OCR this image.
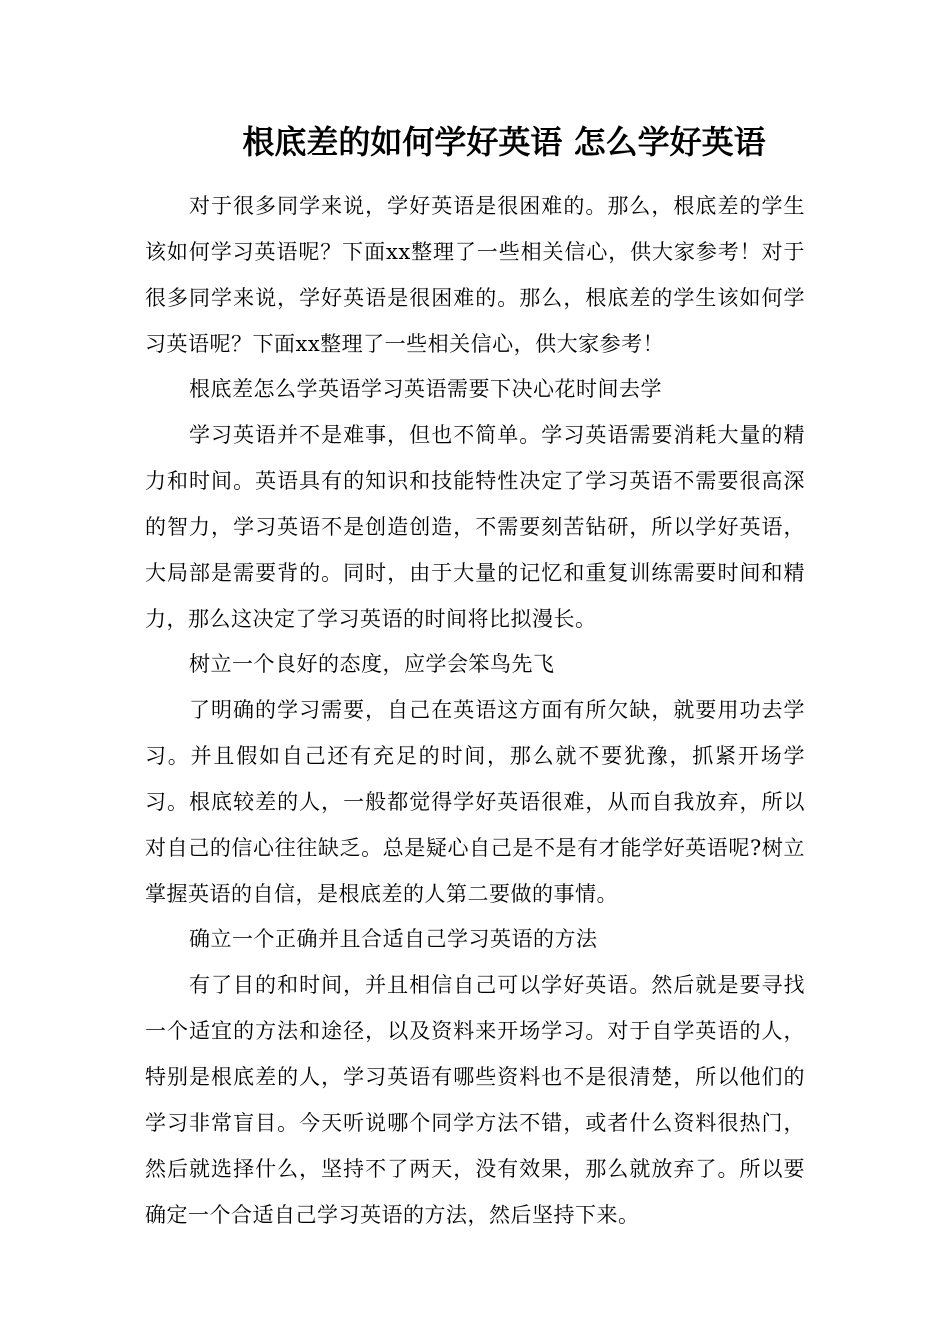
根底差的如何学好英语 怎么学好英语

对于很多同学来说，学好英语是很困难的。那么，根底差的学生该如何学习英语呢？下面xx整理了一些相关信心，供大家参考！对于很多同学来说，学好英语是很困难的。那么，根底差的学生该如何学习英语呢？下面xx整理了一些相关信心，供大家参考！

根底差怎么学英语学习英语需要下决心花时间去学

学习英语并不是难事，但也不简单。学习英语需要消耗大量的精力和时间。英语具有的知识和技能特性决定了学习英语不需要很高深的智力，学习英语不是创造创造，不需要刻苦钻研，所以学好英语，大局部是需要背的。同时，由于大量的记忆和重复训练需要时间和精力，那么这决定了学习英语的时间将比拟漫长。

树立一个良好的态度，应学会笨鸟先飞

了明确的学习需要，自己在英语这方面有所欠缺，就要用功去学习。并且假如自己还有充足的时间，那么就不要犹豫，抓紧开场学习。根底较差的人，一般都觉得学好英语很难，从而自我放弃，所以对自己的信心往往缺乏。总是疑心自己是不是有才能学好英语呢?树立掌握英语的自信，是根底差的人第二要做的事情。

确立一个正确并且合适自己学习英语的方法

有了目的和时间，并且相信自己可以学好英语。然后就是要寻找一个适宜的方法和途径，以及资料来开场学习。对于自学英语的人，特别是根底差的人，学习英语有哪些资料也不是很清楚，所以他们的学习非常盲目。今天听说哪个同学方法不错，或者什么资料很热门，然后就选择什么，坚持不了两天，没有效果，那么就放弃了。所以要确定一个合适自己学习英语的方法，然后坚持下来。
